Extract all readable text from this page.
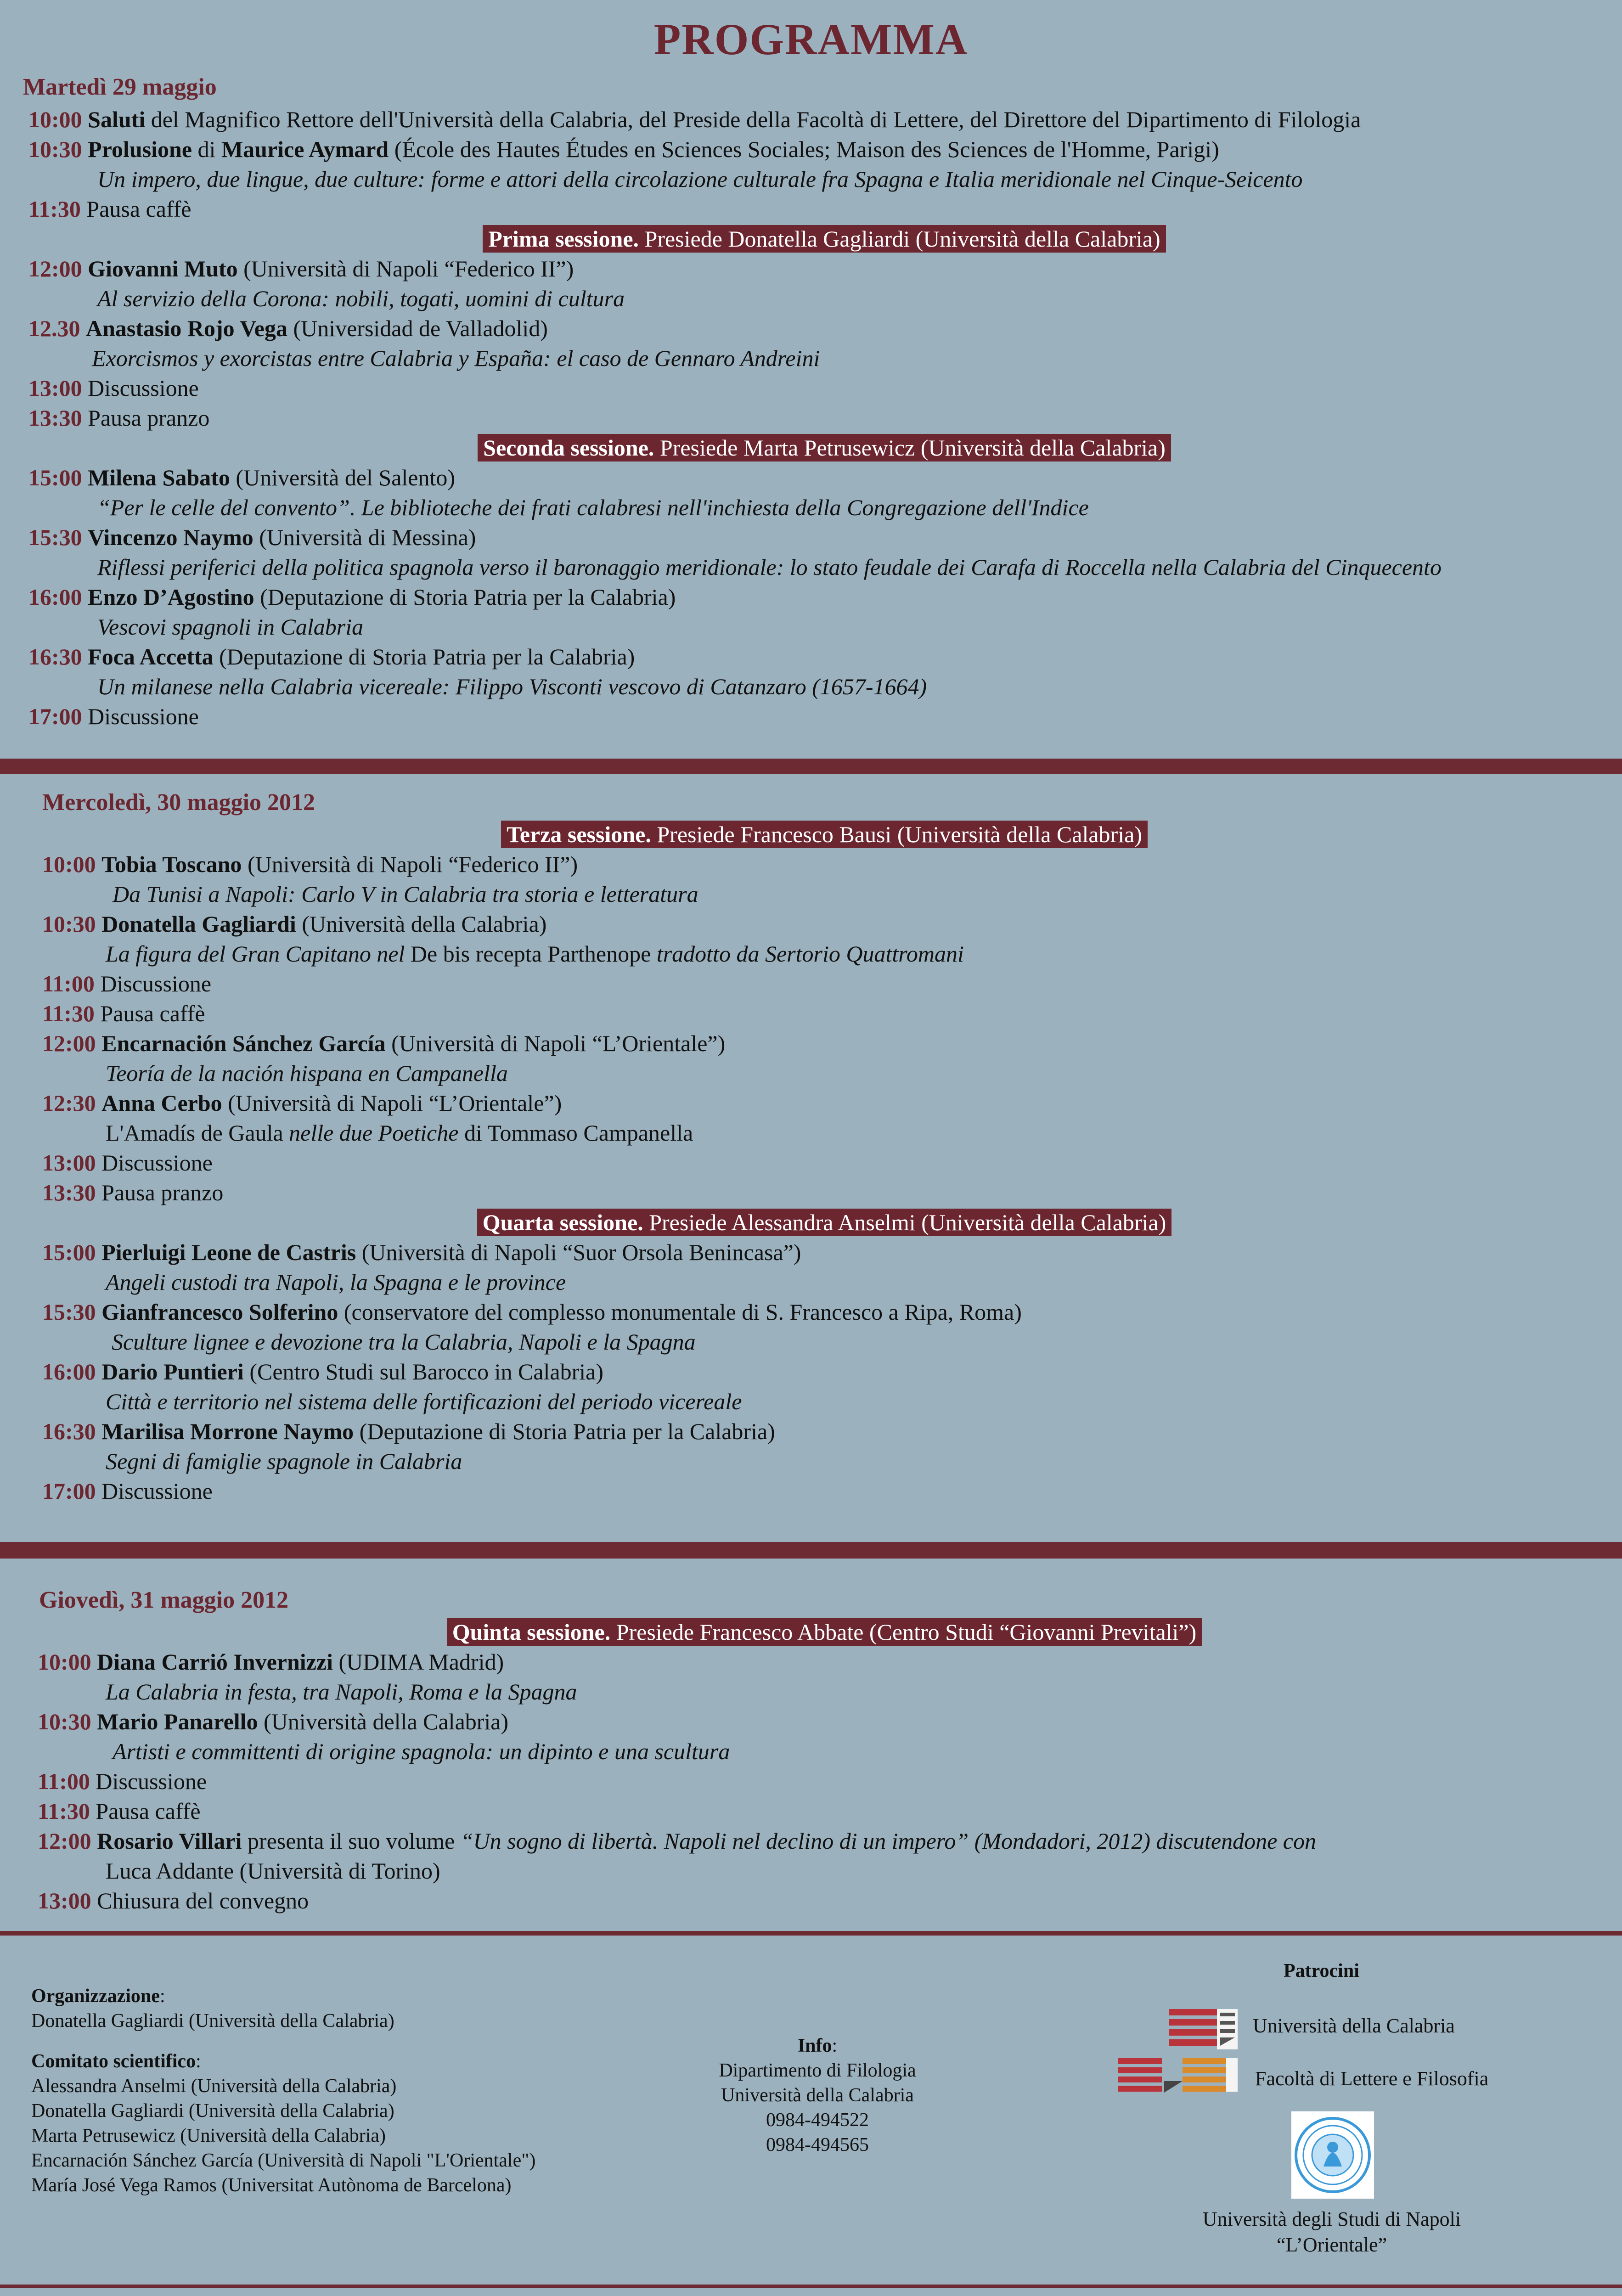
PROGRAMMA
Martedì 29 maggio
10:00 Saluti del Magnifico Rettore dell'Università della Calabria, del Preside della Facoltà di Lettere, del Direttore del Dipartimento di Filologia
10:30 Prolusione di Maurice Aymard (École des Hautes Études en Sciences Sociales; Maison des Sciences de l'Homme, Parigi)
Un impero, due lingue, due culture: forme e attori della circolazione culturale fra Spagna e Italia meridionale nel Cinque-Seicento
11:30 Pausa caffè
Prima sessione. Presiede Donatella Gagliardi (Università della Calabria)
12:00 Giovanni Muto (Università di Napoli “Federico II”)
Al servizio della Corona: nobili, togati, uomini di cultura
12.30 Anastasio Rojo Vega (Universidad de Valladolid)
Exorcismos y exorcistas entre Calabria y España: el caso de Gennaro Andreini
13:00 Discussione
13:30 Pausa pranzo
Seconda sessione. Presiede Marta Petrusewicz (Università della Calabria)
15:00 Milena Sabato (Università del Salento)
“Per le celle del convento”. Le biblioteche dei frati calabresi nell'inchiesta della Congregazione dell'Indice
15:30 Vincenzo Naymo (Università di Messina)
Riflessi periferici della politica spagnola verso il baronaggio meridionale: lo stato feudale dei Carafa di Roccella nella Calabria del Cinquecento
16:00 Enzo D’Agostino (Deputazione di Storia Patria per la Calabria)
Vescovi spagnoli in Calabria
16:30 Foca Accetta (Deputazione di Storia Patria per la Calabria)
Un milanese nella Calabria vicereale: Filippo Visconti vescovo di Catanzaro (1657-1664)
17:00 Discussione
Mercoledì, 30 maggio 2012
Terza sessione. Presiede Francesco Bausi (Università della Calabria)
10:00 Tobia Toscano (Università di Napoli “Federico II”)
Da Tunisi a Napoli: Carlo V in Calabria tra storia e letteratura
10:30 Donatella Gagliardi (Università della Calabria)
La figura del Gran Capitano nel De bis recepta Parthenope tradotto da Sertorio Quattromani
11:00 Discussione
11:30 Pausa caffè
12:00 Encarnación Sánchez García (Università di Napoli “L’Orientale”)
Teoría de la nación hispana en Campanella
12:30 Anna Cerbo (Università di Napoli “L’Orientale”)
L'Amadís de Gaula nelle due Poetiche di Tommaso Campanella
13:00 Discussione
13:30 Pausa pranzo
Quarta sessione. Presiede Alessandra Anselmi (Università della Calabria)
15:00 Pierluigi Leone de Castris (Università di Napoli “Suor Orsola Benincasa”)
Angeli custodi tra Napoli, la Spagna e le province
15:30 Gianfrancesco Solferino (conservatore del complesso monumentale di S. Francesco a Ripa, Roma)
Sculture lignee e devozione tra la Calabria, Napoli e la Spagna
16:00 Dario Puntieri (Centro Studi sul Barocco in Calabria)
Città e territorio nel sistema delle fortificazioni del periodo vicereale
16:30 Marilisa Morrone Naymo (Deputazione di Storia Patria per la Calabria)
Segni di famiglie spagnole in Calabria
17:00 Discussione
Giovedì, 31 maggio 2012
Quinta sessione. Presiede Francesco Abbate (Centro Studi “Giovanni Previtali”)
10:00 Diana Carrió Invernizzi (UDIMA Madrid)
La Calabria in festa, tra Napoli, Roma e la Spagna
10:30 Mario Panarello (Università della Calabria)
Artisti e committenti di origine spagnola: un dipinto e una scultura
11:00 Discussione
11:30 Pausa caffè
12:00 Rosario Villari presenta il suo volume “Un sogno di libertà. Napoli nel declino di un impero” (Mondadori, 2012) discutendone con
Luca Addante (Università di Torino)
13:00 Chiusura del convegno
Organizzazione:
Donatella Gagliardi (Università della Calabria)
Comitato scientifico:
Alessandra Anselmi (Università della Calabria)
Donatella Gagliardi (Università della Calabria)
Marta Petrusewicz (Università della Calabria)
Encarnación Sánchez García (Università di Napoli "L'Orientale")
María José Vega Ramos (Universitat Autònoma de Barcelona)
Info:
Dipartimento di Filologia
Università della Calabria
0984-494522
0984-494565
Patrocini
Università della Calabria
Facoltà di Lettere e Filosofia
Università degli Studi di Napoli
“L’Orientale”
